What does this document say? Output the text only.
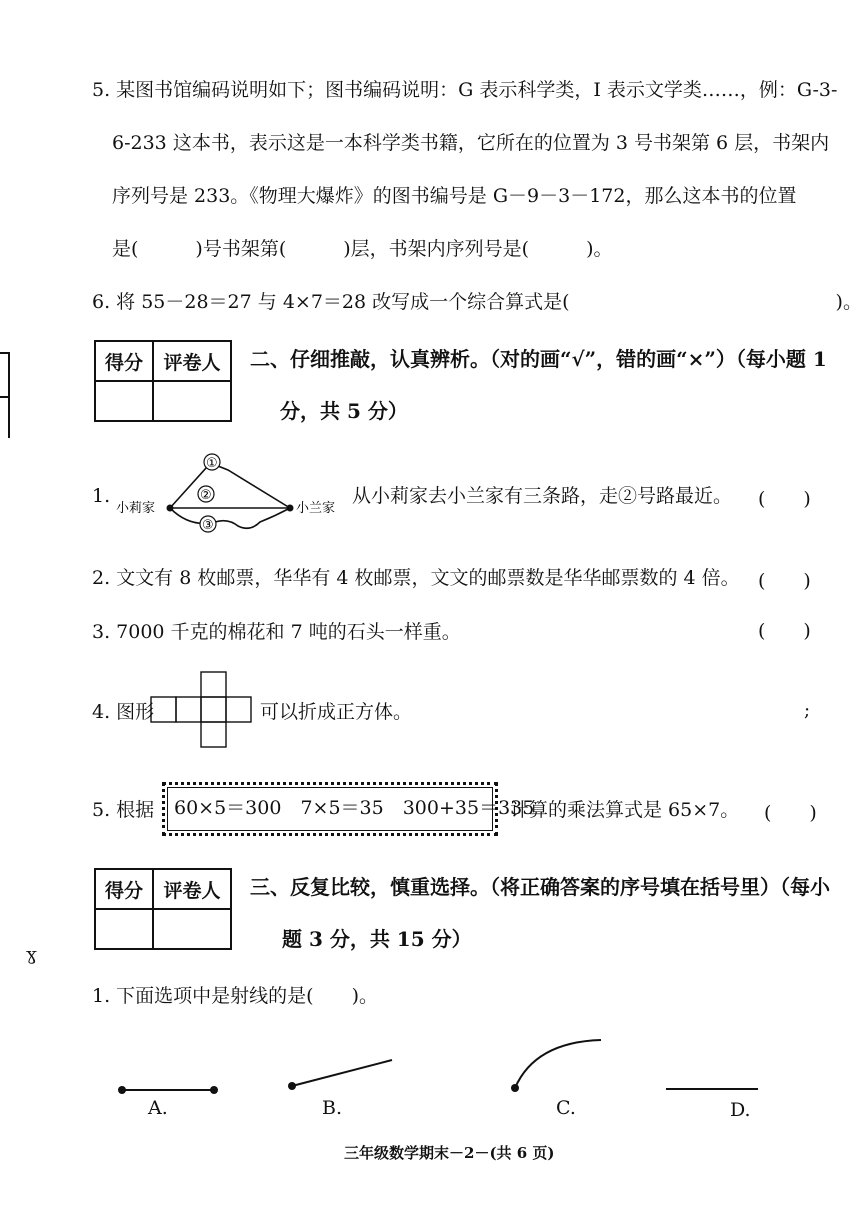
5. 某图书馆编码说明如下；图书编码说明：G 表示科学类，I 表示文学类……，例：G-3-
6-233 这本书，表示这是一本科学类书籍，它所在的位置为 3 号书架第 6 层，书架内
序列号是 233。《物理大爆炸》的图书编号是 G－9－3－172，那么这本书的位置
是(　　　)号书架第(　　　)层，书架内序列号是(　　　)。
6. 将 55－28＝27 与 4×7＝28 改写成一个综合算式是(　　　　　　　　　　　　　　)。
得分	评卷人
	二、仔细推敲，认真辨析。（对的画“√”，错的画“×”）（每小题 1
分，共 5 分）
1.
①
②
③
小莉家	小兰家
从小莉家去小兰家有三条路，走②号路最近。 (　　)
2. 文文有 8 枚邮票，华华有 4 枚邮票，文文的邮票数是华华邮票数的 4 倍。 (　　)
3. 7000 千克的棉花和 7 吨的石头一样重。	(　　)
4. 图形	可以折成正方体。	;
5. 根据 60×5＝300　7×5＝35　300+35＝335
计算的乘法算式是 65×7。 (　　)
得分	评卷人
	三、反复比较，慎重选择。（将正确答案的序号填在括号里）（每小
题 3 分，共 15 分）
ɣ
1. 下面选项中是射线的是(　　)。
A.	B.	C.	D.
三年级数学期末－2－(共 6 页)
